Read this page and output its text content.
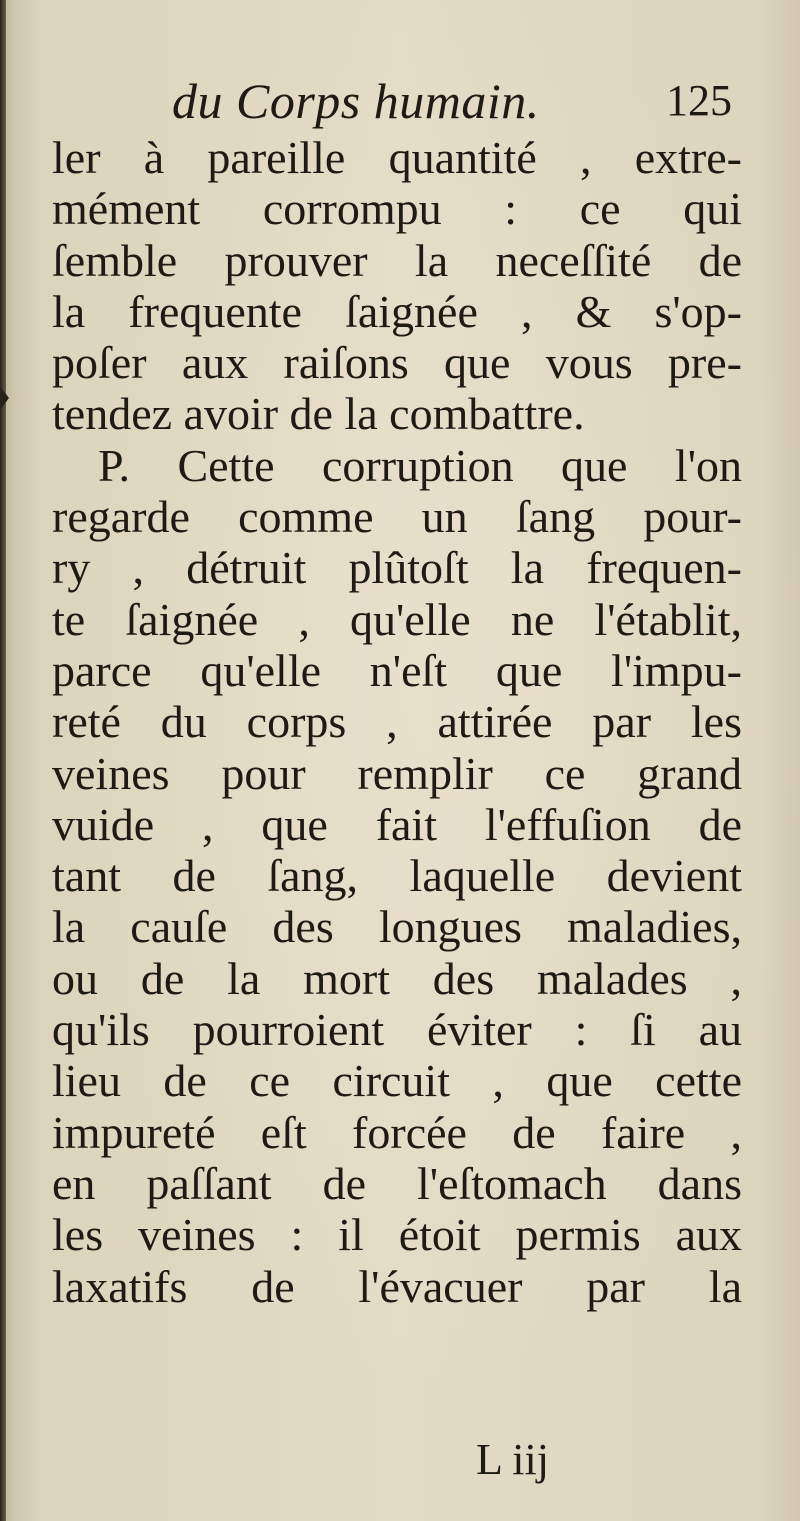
du Corps humain.	125
ler à pareille quantité , extre-
mément corrompu : ce qui
ſemble prouver la neceſſité de
la frequente ſaignée , & s'op-
poſer aux raiſons que vous pre-
tendez avoir de la combattre.
P. Cette corruption que l'on
regarde comme un ſang pour-
ry , détruit plûtoſt la frequen-
te ſaignée , qu'elle ne l'établit,
parce qu'elle n'eſt que l'impu-
reté du corps , attirée par les
veines pour remplir ce grand
vuide , que fait l'effuſion de
tant de ſang, laquelle devient
la cauſe des longues maladies,
ou de la mort des malades ,
qu'ils pourroient éviter : ſi au
lieu de ce circuit , que cette
impureté eſt forcée de faire ,
en paſſant de l'eſtomach dans
les veines : il étoit permis aux
laxatifs de l'évacuer par la
L iij
